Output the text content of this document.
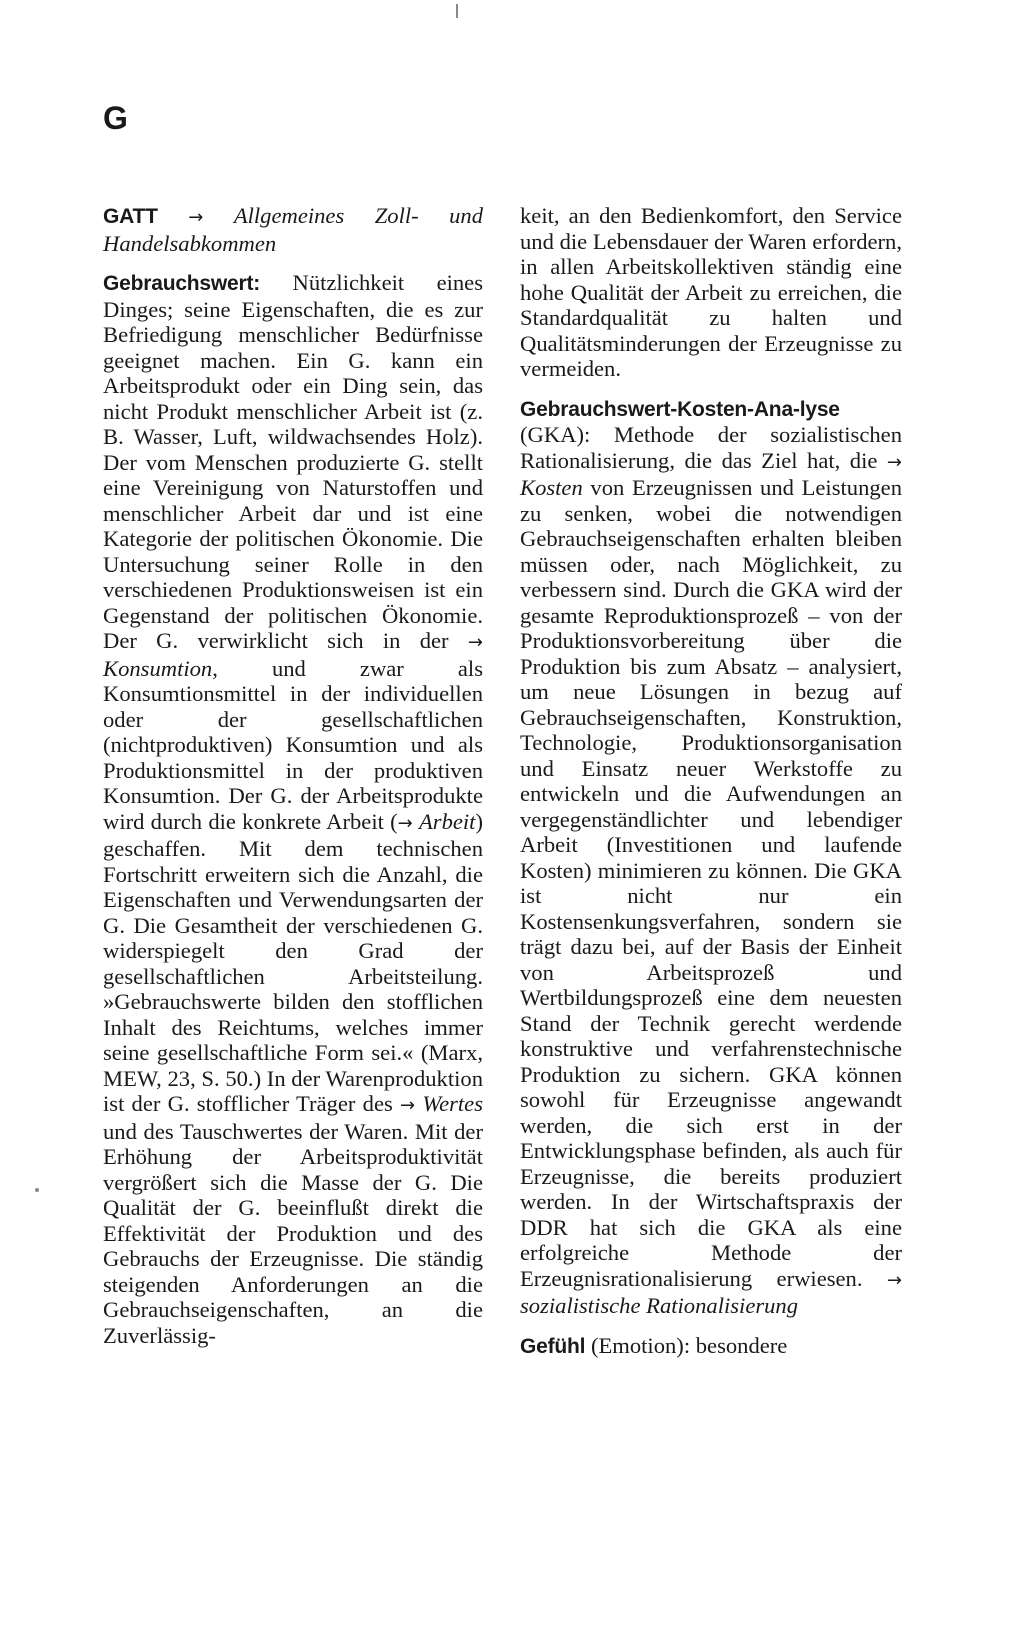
G

GATT → Allgemeines Zoll- und Handelsabkommen

Gebrauchswert: Nützlichkeit eines Dinges; seine Eigenschaften, die es zur Befriedigung menschlicher Bedürfnisse geeignet machen. Ein G. kann ein Arbeitsprodukt oder ein Ding sein, das nicht Produkt menschlicher Arbeit ist (z. B. Wasser, Luft, wildwachsendes Holz). Der vom Menschen produzierte G. stellt eine Vereinigung von Naturstoffen und menschlicher Arbeit dar und ist eine Kategorie der politischen Ökonomie. Die Untersuchung seiner Rolle in den verschiedenen Produktionsweisen ist ein Gegenstand der politischen Ökonomie. Der G. verwirklicht sich in der → Konsumtion, und zwar als Konsumtionsmittel in der individuellen oder der gesellschaftlichen (nichtproduktiven) Konsumtion und als Produktionsmittel in der produktiven Konsumtion. Der G. der Arbeitsprodukte wird durch die konkrete Arbeit (→ Arbeit) geschaffen. Mit dem technischen Fortschritt erweitern sich die Anzahl, die Eigenschaften und Verwendungsarten der G. Die Gesamtheit der verschiedenen G. widerspiegelt den Grad der gesellschaftlichen Arbeitsteilung. »Gebrauchswerte bilden den stofflichen Inhalt des Reichtums, welches immer seine gesellschaftliche Form sei.« (Marx, MEW, 23, S. 50.) In der Warenproduktion ist der G. stofflicher Träger des → Wertes und des Tauschwertes der Waren. Mit der Erhöhung der Arbeitsproduktivität vergrößert sich die Masse der G. Die Qualität der G. beeinflußt direkt die Effektivität der Produktion und des Gebrauchs der Erzeugnisse. Die ständig steigenden Anforderungen an die Gebrauchseigenschaften, an die Zuverlässig-

keit, an den Bedienkomfort, den Service und die Lebensdauer der Waren erfordern, in allen Arbeitskollektiven ständig eine hohe Qualität der Arbeit zu erreichen, die Standardqualität zu halten und Qualitätsminderungen der Erzeugnisse zu vermeiden.

Gebrauchswert-Kosten-Ana-lyse (GKA): Methode der sozialistischen Rationalisierung, die das Ziel hat, die → Kosten von Erzeugnissen und Leistungen zu senken, wobei die notwendigen Gebrauchseigenschaften erhalten bleiben müssen oder, nach Möglichkeit, zu verbessern sind. Durch die GKA wird der gesamte Reproduktionsprozeß – von der Produktionsvorbereitung über die Produktion bis zum Absatz – analysiert, um neue Lösungen in bezug auf Gebrauchseigenschaften, Konstruktion, Technologie, Produktionsorganisation und Einsatz neuer Werkstoffe zu entwickeln und die Aufwendungen an vergegenständlichter und lebendiger Arbeit (Investitionen und laufende Kosten) minimieren zu können. Die GKA ist nicht nur ein Kostensenkungsverfahren, sondern sie trägt dazu bei, auf der Basis der Einheit von Arbeitsprozeß und Wertbildungsprozeß eine dem neuesten Stand der Technik gerecht werdende konstruktive und verfahrenstechnische Produktion zu sichern. GKA können sowohl für Erzeugnisse angewandt werden, die sich erst in der Entwicklungsphase befinden, als auch für Erzeugnisse, die bereits produziert werden. In der Wirtschaftspraxis der DDR hat sich die GKA als eine erfolgreiche Methode der Erzeugnisrationalisierung erwiesen. → sozialistische Rationalisierung

Gefühl (Emotion): besondere
